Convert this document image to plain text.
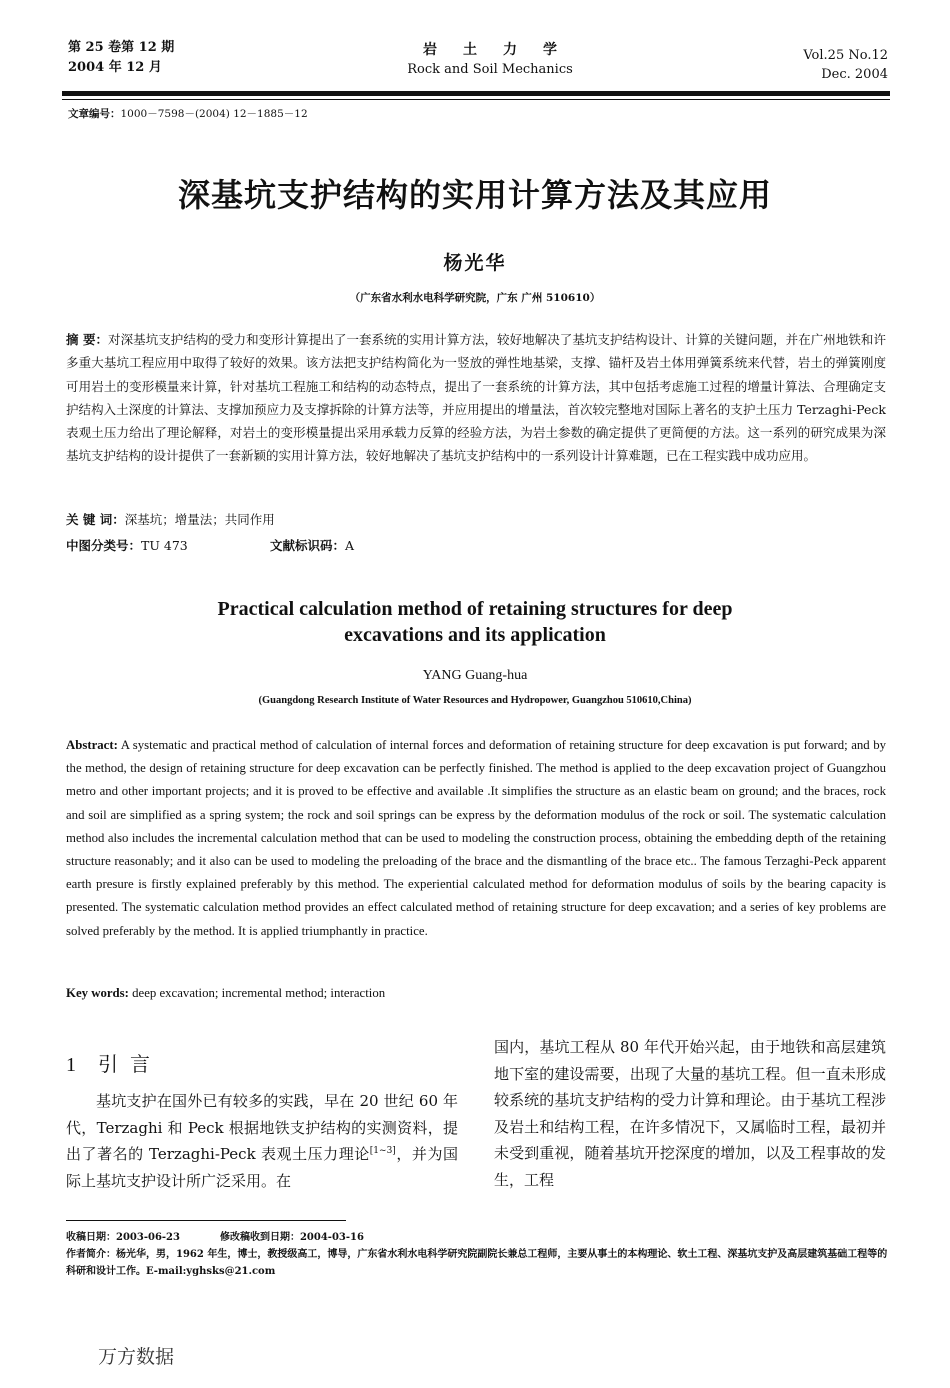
第 25 卷第 12 期
2004 年 12 月
岩土力学
Rock and Soil Mechanics
Vol.25 No.12
Dec. 2004
文章编号：1000－7598－(2004) 12－1885－12
深基坑支护结构的实用计算方法及其应用
杨光华
（广东省水利水电科学研究院，广东 广州 510610）
摘 要：对深基坑支护结构的受力和变形计算提出了一套系统的实用计算方法，较好地解决了基坑支护结构设计、计算的关键问题，并在广州地铁和许多重大基坑工程应用中取得了较好的效果。该方法把支护结构简化为一竖放的弹性地基梁，支撑、锚杆及岩土体用弹簧系统来代替，岩土的弹簧刚度可用岩土的变形模量来计算，针对基坑工程施工和结构的动态特点，提出了一套系统的计算方法，其中包括考虑施工过程的增量计算法、合理确定支护结构入土深度的计算法、支撑加预应力及支撑拆除的计算方法等，并应用提出的增量法，首次较完整地对国际上著名的支护土压力 Terzaghi-Peck 表观土压力给出了理论解释，对岩土的变形模量提出采用承载力反算的经验方法，为岩土参数的确定提供了更简便的方法。这一系列的研究成果为深基坑支护结构的设计提供了一套新颖的实用计算方法，较好地解决了基坑支护结构中的一系列设计计算难题，已在工程实践中成功应用。
关 键 词：深基坑；增量法；共同作用
中图分类号：TU 473	文献标识码：A
Practical calculation method of retaining structures for deep
excavations and its application
YANG Guang-hua
(Guangdong Research Institute of Water Resources and Hydropower, Guangzhou 510610,China)
Abstract: A systematic and practical method of calculation of internal forces and deformation of retaining structure for deep excavation is put forward; and by the method, the design of retaining structure for deep excavation can be perfectly finished. The method is applied to the deep excavation project of Guangzhou metro and other important projects; and it is proved to be effective and available .It simplifies the structure as an elastic beam on ground; and the braces, rock and soil are simplified as a spring system; the rock and soil springs can be express by the deformation modulus of the rock or soil. The systematic calculation method also includes the incremental calculation method that can be used to modeling the construction process, obtaining the embedding depth of the retaining structure reasonably; and it also can be used to modeling the preloading of the brace and the dismantling of the brace etc.. The famous Terzaghi-Peck apparent earth presure is firstly explained preferably by this method. The experiential calculated method for deformation modulus of soils by the bearing capacity is presented. The systematic calculation method provides an effect calculated method of retaining structure for deep excavation; and a series of key problems are solved preferably by the method. It is applied triumphantly in practice.
Key words: deep excavation; incremental method; interaction
1 引言
基坑支护在国外已有较多的实践，早在 20 世纪 60 年代，Terzaghi 和 Peck 根据地铁支护结构的实测资料，提出了著名的 Terzaghi-Peck 表观土压力理论[1~3]，并为国际上基坑支护设计所广泛采用。在
国内，基坑工程从 80 年代开始兴起，由于地铁和高层建筑地下室的建设需要，出现了大量的基坑工程。但一直未形成较系统的基坑支护结构的受力计算和理论。由于基坑工程涉及岩土和结构工程，在许多情况下，又属临时工程，最初并未受到重视，随着基坑开挖深度的增加，以及工程事故的发生，工程
收稿日期：2003-06-23	修改稿收到日期：2004-03-16
作者简介：杨光华，男，1962 年生，博士，教授级高工，博导，广东省水利水电科学研究院副院长兼总工程师，主要从事土的本构理论、软土工程、深基坑支护及高层建筑基础工程等的科研和设计工作。E-mail:yghsks@21.com
万方数据
